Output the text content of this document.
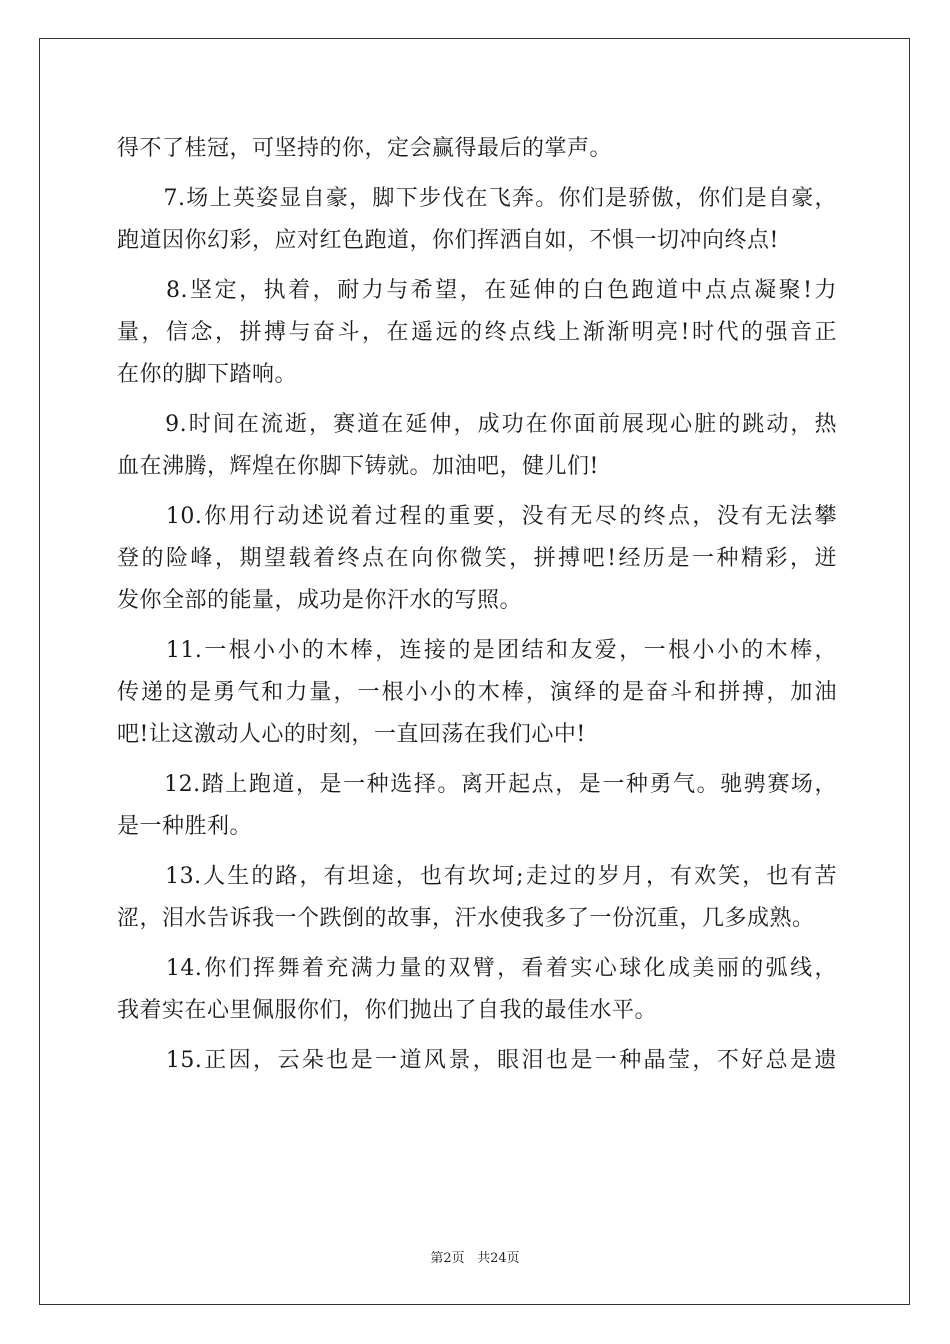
得不了桂冠，可坚持的你，定会赢得最后的掌声。
　　7.场上英姿显自豪，脚下步伐在飞奔。你们是骄傲，你们是自豪，
跑道因你幻彩，应对红色跑道，你们挥洒自如，不惧一切冲向终点!
　　8.坚定，执着，耐力与希望，在延伸的白色跑道中点点凝聚!力
量，信念，拼搏与奋斗，在遥远的终点线上渐渐明亮!时代的强音正
在你的脚下踏响。
　　9.时间在流逝，赛道在延伸，成功在你面前展现心脏的跳动，热
血在沸腾，辉煌在你脚下铸就。加油吧，健儿们!
　　10.你用行动述说着过程的重要，没有无尽的终点，没有无法攀
登的险峰，期望载着终点在向你微笑，拼搏吧!经历是一种精彩，迸
发你全部的能量，成功是你汗水的写照。
　　11.一根小小的木棒，连接的是团结和友爱，一根小小的木棒，
传递的是勇气和力量，一根小小的木棒，演绎的是奋斗和拼搏，加油
吧!让这激动人心的时刻，一直回荡在我们心中!
　　12.踏上跑道，是一种选择。离开起点，是一种勇气。驰骋赛场，
是一种胜利。
　　13.人生的路，有坦途，也有坎坷;走过的岁月，有欢笑，也有苦
涩，泪水告诉我一个跌倒的故事，汗水使我多了一份沉重，几多成熟。
　　14.你们挥舞着充满力量的双臂，看着实心球化成美丽的弧线，
我着实在心里佩服你们，你们抛出了自我的最佳水平。
　　15.正因，云朵也是一道风景，眼泪也是一种晶莹，不好总是遗
第2页 共24页
